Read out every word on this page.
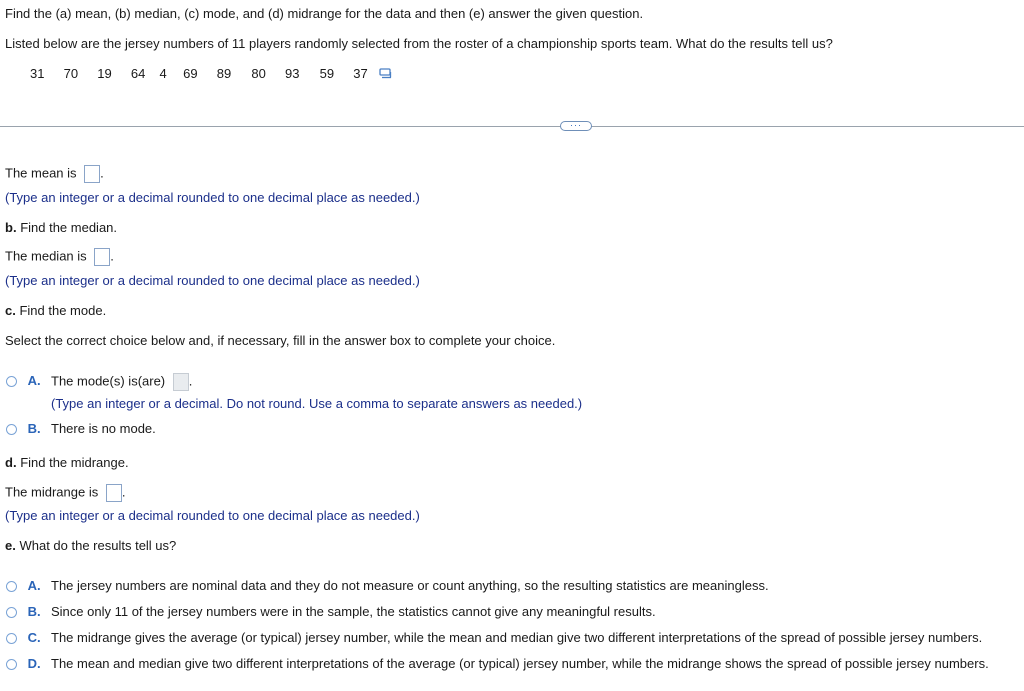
Find the (a) mean, (b) median, (c) mode, and (d) midrange for the data and then (e) answer the given question.
Listed below are the jersey numbers of 11 players randomly selected from the roster of a championship sports team. What do the results tell us?
31 70 19 64 4 69 89 80 93 59 37
···
The mean is .
(Type an integer or a decimal rounded to one decimal place as needed.)
b. Find the median.
The median is .
(Type an integer or a decimal rounded to one decimal place as needed.)
c. Find the mode.
Select the correct choice below and, if necessary, fill in the answer box to complete your choice.
A. The mode(s) is(are) .
(Type an integer or a decimal. Do not round. Use a comma to separate answers as needed.)
B. There is no mode.
d. Find the midrange.
The midrange is .
(Type an integer or a decimal rounded to one decimal place as needed.)
e. What do the results tell us?
A. The jersey numbers are nominal data and they do not measure or count anything, so the resulting statistics are meaningless.
B. Since only 11 of the jersey numbers were in the sample, the statistics cannot give any meaningful results.
C. The midrange gives the average (or typical) jersey number, while the mean and median give two different interpretations of the spread of possible jersey numbers.
D. The mean and median give two different interpretations of the average (or typical) jersey number, while the midrange shows the spread of possible jersey numbers.
